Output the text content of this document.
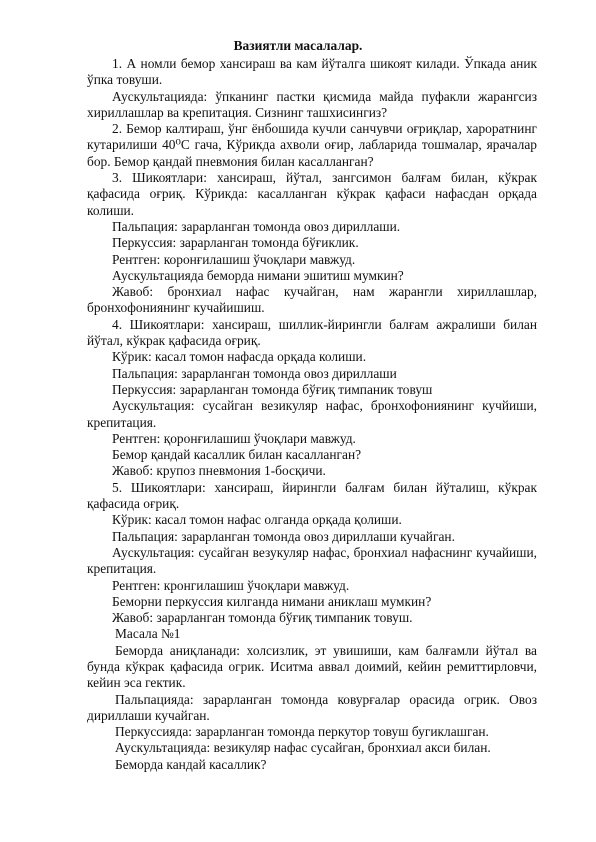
Вазиятли масалалар.

1. А номли бемор хансираш ва кам йўталга шикоят килади. Ўпкада аник ўпка товуши.

Аускультацияда: ўпканинг пастки қисмида майда пуфакли жарангсиз хириллашлар ва крепитация. Сизнинг ташхисингиз?

2. Бемор калтираш, ўнг ёнбошида кучли санчувчи оғриқлар, хароратнинг кутарилиши 40⁰С гача, Кўрикда ахволи оғир, лабларида тошмалар, ярачалар бор. Бемор қандай пневмония билан касалланган?

3. Шикоятлари: хансираш, йўтал, зангсимон балғам билан, кўкрак қафасида оғриқ. Кўрикда: касалланган кўкрак қафаси нафасдан орқада колиши.

Пальпация: зарарланган томонда овоз дириллаши.

Перкуссия: зарарланган томонда бўғиклик.

Рентген: коронғилашиш ўчоқлари мавжуд.

Аускультацияда беморда нимани эшитиш мумкин?

Жавоб: бронхиал нафас кучайган, нам жарангли хириллашлар, бронхофониянинг кучайишиш.

4. Шикоятлари: хансираш, шиллик-йирингли балғам ажралиши билан йўтал, кўкрак қафасида оғриқ.

Кўрик: касал томон нафасда орқада колиши.

Пальпация: зарарланган томонда овоз дириллаши

Перкуссия: зарарланган томонда бўғиқ тимпаник товуш

Аускультация: сусайган везикуляр нафас, бронхофониянинг кучйиши, крепитация.

Рентген: қоронғилашиш ўчоқлари мавжуд.

Бемор қандай касаллик билан касалланган?

Жавоб: крупоз пневмония 1-босқичи.

5. Шикоятлари: хансираш, йирингли балғам билан йўталиш, кўкрак қафасида оғриқ.

Кўрик: касал томон нафас олганда орқада қолиши.

Пальпация: зарарланган томонда овоз дириллаши кучайган.

Аускультация: сусайган везукуляр нафас, бронхиал нафаснинг кучайиши, крепитация.

Рентген: кронгилашиш ўчоқлари мавжуд.

Беморни перкуссия килганда нимани аниклаш мумкин?

Жавоб: зарарланган томонда бўғиқ тимпаник товуш.

Масала №1

Беморда аниқланади: холсизлик, эт увишиши, кам балғамли йўтал ва бунда кўкрак қафасида огрик. Иситма аввал доимий, кейин ремиттирловчи, кейин эса гектик.

Пальпацияда: зарарланган томонда ковурғалар орасида огрик. Овоз дириллаши кучайган.

Перкуссияда: зарарланган томонда перкутор товуш бугиклашган.

Аускультацияда: везикуляр нафас сусайган, бронхиал акси билан.

Беморда кандай касаллик?
